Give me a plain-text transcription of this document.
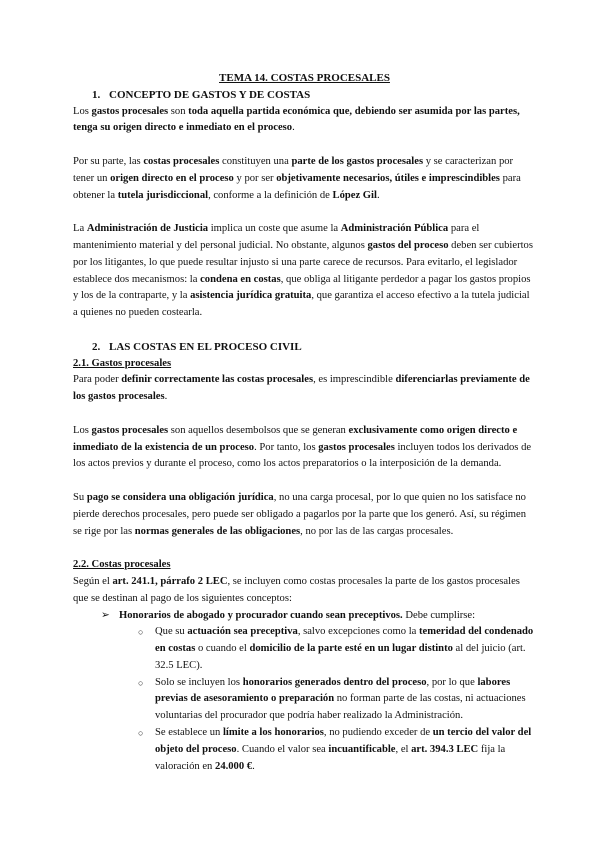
TEMA 14. COSTAS PROCESALES

1. CONCEPTO DE GASTOS Y DE COSTAS

Los gastos procesales son toda aquella partida económica que, debiendo ser asumida por las partes, tenga su origen directo e inmediato en el proceso.

Por su parte, las costas procesales constituyen una parte de los gastos procesales y se caracterizan por tener un origen directo en el proceso y por ser objetivamente necesarios, útiles e imprescindibles para obtener la tutela jurisdiccional, conforme a la definición de López Gil.

La Administración de Justicia implica un coste que asume la Administración Pública para el mantenimiento material y del personal judicial. No obstante, algunos gastos del proceso deben ser cubiertos por los litigantes, lo que puede resultar injusto si una parte carece de recursos. Para evitarlo, el legislador establece dos mecanismos: la condena en costas, que obliga al litigante perdedor a pagar los gastos propios y los de la contraparte, y la asistencia jurídica gratuita, que garantiza el acceso efectivo a la tutela judicial a quienes no pueden costearla.

2. LAS COSTAS EN EL PROCESO CIVIL

2.1. Gastos procesales

Para poder definir correctamente las costas procesales, es imprescindible diferenciarlas previamente de los gastos procesales.

Los gastos procesales son aquellos desembolsos que se generan exclusivamente como origen directo e inmediato de la existencia de un proceso. Por tanto, los gastos procesales incluyen todos los derivados de los actos previos y durante el proceso, como los actos preparatorios o la interposición de la demanda.

Su pago se considera una obligación jurídica, no una carga procesal, por lo que quien no los satisface no pierde derechos procesales, pero puede ser obligado a pagarlos por la parte que los generó. Así, su régimen se rige por las normas generales de las obligaciones, no por las de las cargas procesales.

2.2. Costas procesales

Según el art. 241.1, párrafo 2 LEC, se incluyen como costas procesales la parte de los gastos procesales que se destinan al pago de los siguientes conceptos:

➢ Honorarios de abogado y procurador cuando sean preceptivos. Debe cumplirse:
○ Que su actuación sea preceptiva, salvo excepciones como la temeridad del condenado en costas o cuando el domicilio de la parte esté en un lugar distinto al del juicio (art. 32.5 LEC).
○ Solo se incluyen los honorarios generados dentro del proceso, por lo que labores previas de asesoramiento o preparación no forman parte de las costas, ni actuaciones voluntarias del procurador que podría haber realizado la Administración.
○ Se establece un límite a los honorarios, no pudiendo exceder de un tercio del valor del objeto del proceso. Cuando el valor sea incuantificable, el art. 394.3 LEC fija la valoración en 24.000 €.
